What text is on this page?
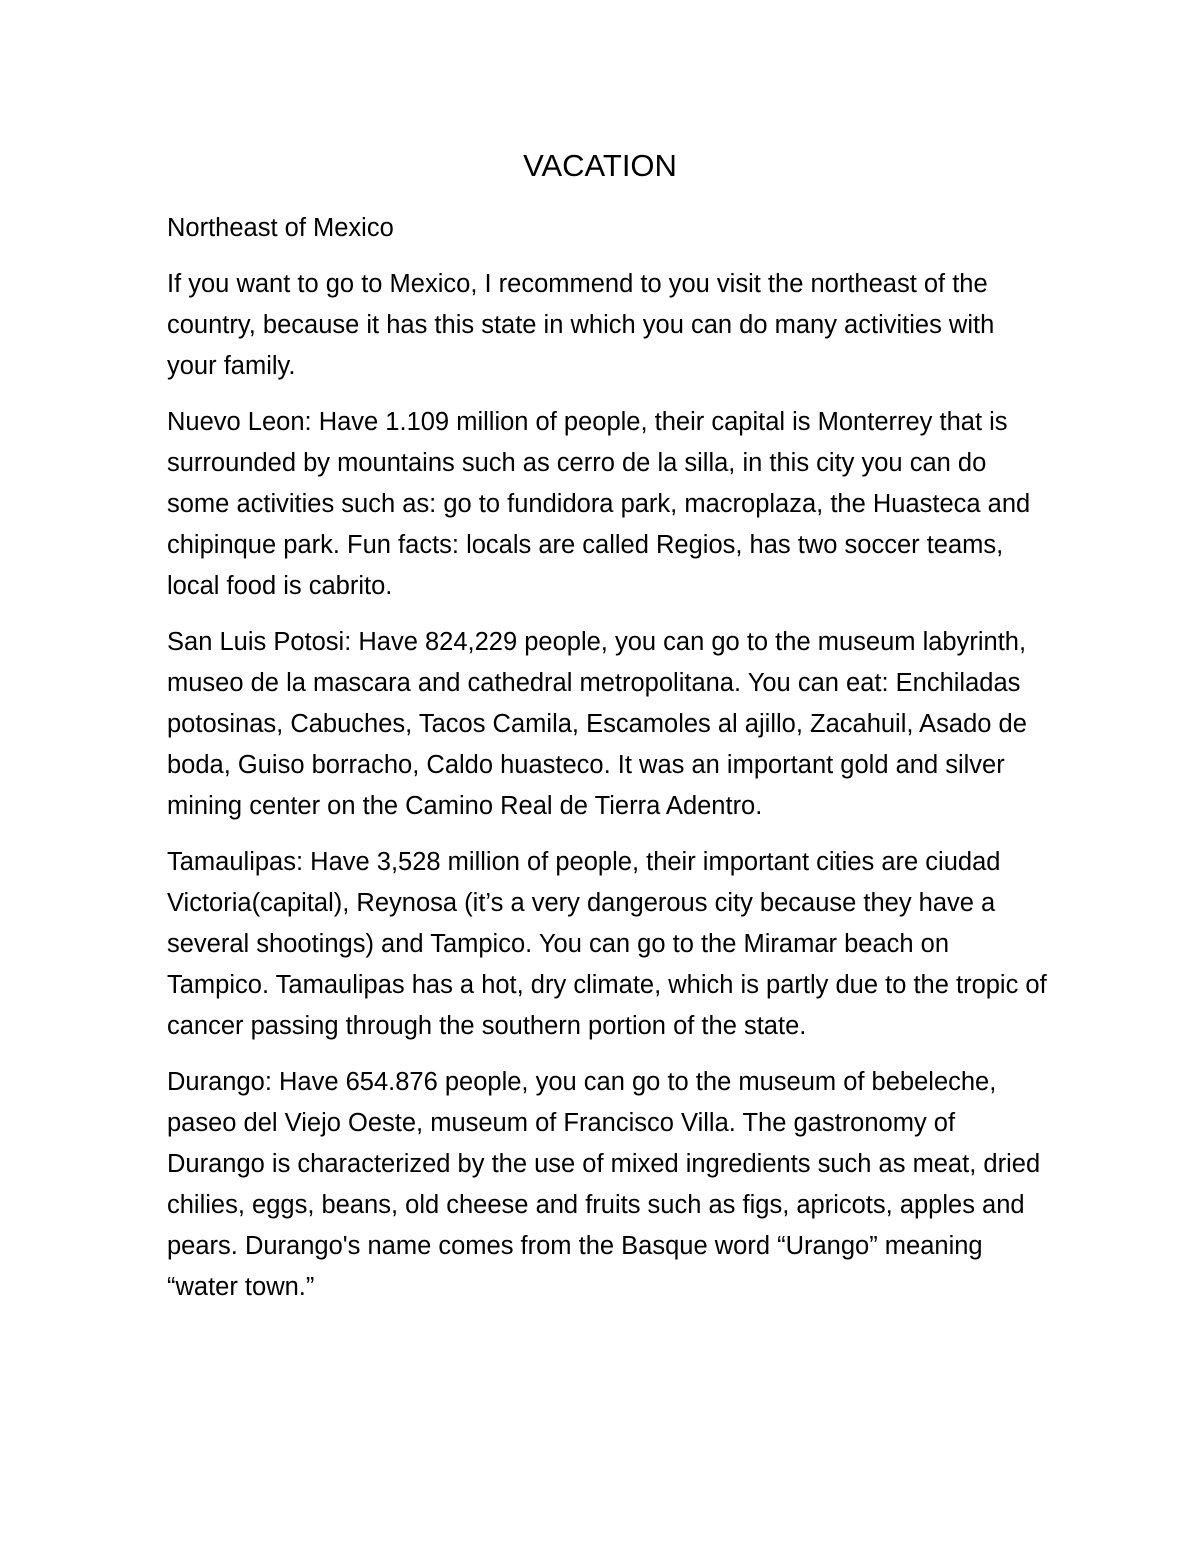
VACATION

Northeast of Mexico

If you want to go to Mexico, I recommend to you visit the northeast of the country, because it has this state in which you can do many activities with your family.

Nuevo Leon: Have 1.109 million of people, their capital is Monterrey that is surrounded by mountains such as cerro de la silla, in this city you can do some activities such as: go to fundidora park, macroplaza, the Huasteca and chipinque park. Fun facts: locals are called Regios, has two soccer teams, local food is cabrito.

San Luis Potosi: Have 824,229 people, you can go to the museum labyrinth, museo de la mascara and cathedral metropolitana. You can eat: Enchiladas potosinas, Cabuches, Tacos Camila, Escamoles al ajillo, Zacahuil, Asado de boda, Guiso borracho, Caldo huasteco. It was an important gold and silver mining center on the Camino Real de Tierra Adentro.

Tamaulipas: Have 3,528 million of people, their important cities are ciudad Victoria(capital), Reynosa (it’s a very dangerous city because they have a several shootings) and Tampico. You can go to the Miramar beach on Tampico. Tamaulipas has a hot, dry climate, which is partly due to the tropic of cancer passing through the southern portion of the state.

Durango: Have 654.876 people, you can go to the museum of bebeleche, paseo del Viejo Oeste, museum of Francisco Villa. The gastronomy of Durango is characterized by the use of mixed ingredients such as meat, dried chilies, eggs, beans, old cheese and fruits such as figs, apricots, apples and pears. Durango's name comes from the Basque word “Urango” meaning “water town.”
